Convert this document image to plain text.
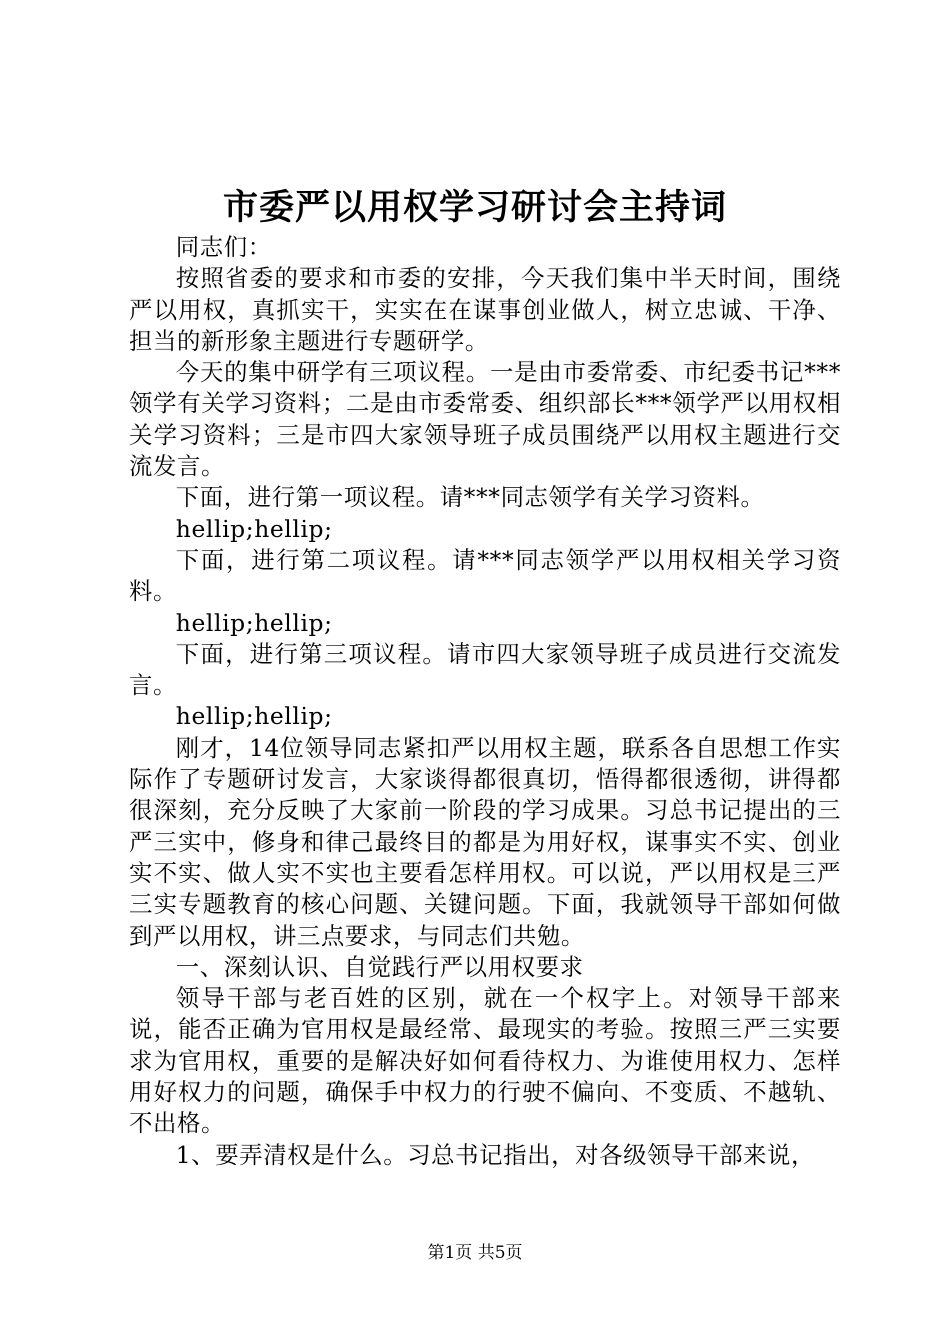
市委严以用权学习研讨会主持词

同志们：

按照省委的要求和市委的安排，今天我们集中半天时间，围绕严以用权，真抓实干，实实在在谋事创业做人，树立忠诚、干净、担当的新形象主题进行专题研学。

今天的集中研学有三项议程。一是由市委常委、市纪委书记***领学有关学习资料；二是由市委常委、组织部长***领学严以用权相关学习资料；三是市四大家领导班子成员围绕严以用权主题进行交流发言。

下面，进行第一项议程。请***同志领学有关学习资料。

hellip;hellip;

下面，进行第二项议程。请***同志领学严以用权相关学习资料。

hellip;hellip;

下面，进行第三项议程。请市四大家领导班子成员进行交流发言。

hellip;hellip;

刚才，14位领导同志紧扣严以用权主题，联系各自思想工作实际作了专题研讨发言，大家谈得都很真切，悟得都很透彻，讲得都很深刻，充分反映了大家前一阶段的学习成果。习总书记提出的三严三实中，修身和律己最终目的都是为用好权，谋事实不实、创业实不实、做人实不实也主要看怎样用权。可以说，严以用权是三严三实专题教育的核心问题、关键问题。下面，我就领导干部如何做到严以用权，讲三点要求，与同志们共勉。

一、深刻认识、自觉践行严以用权要求

领导干部与老百姓的区别，就在一个权字上。对领导干部来说，能否正确为官用权是最经常、最现实的考验。按照三严三实要求为官用权，重要的是解决好如何看待权力、为谁使用权力、怎样用好权力的问题，确保手中权力的行驶不偏向、不变质、不越轨、不出格。

1、要弄清权是什么。习总书记指出，对各级领导干部来说，

第1页 共5页
